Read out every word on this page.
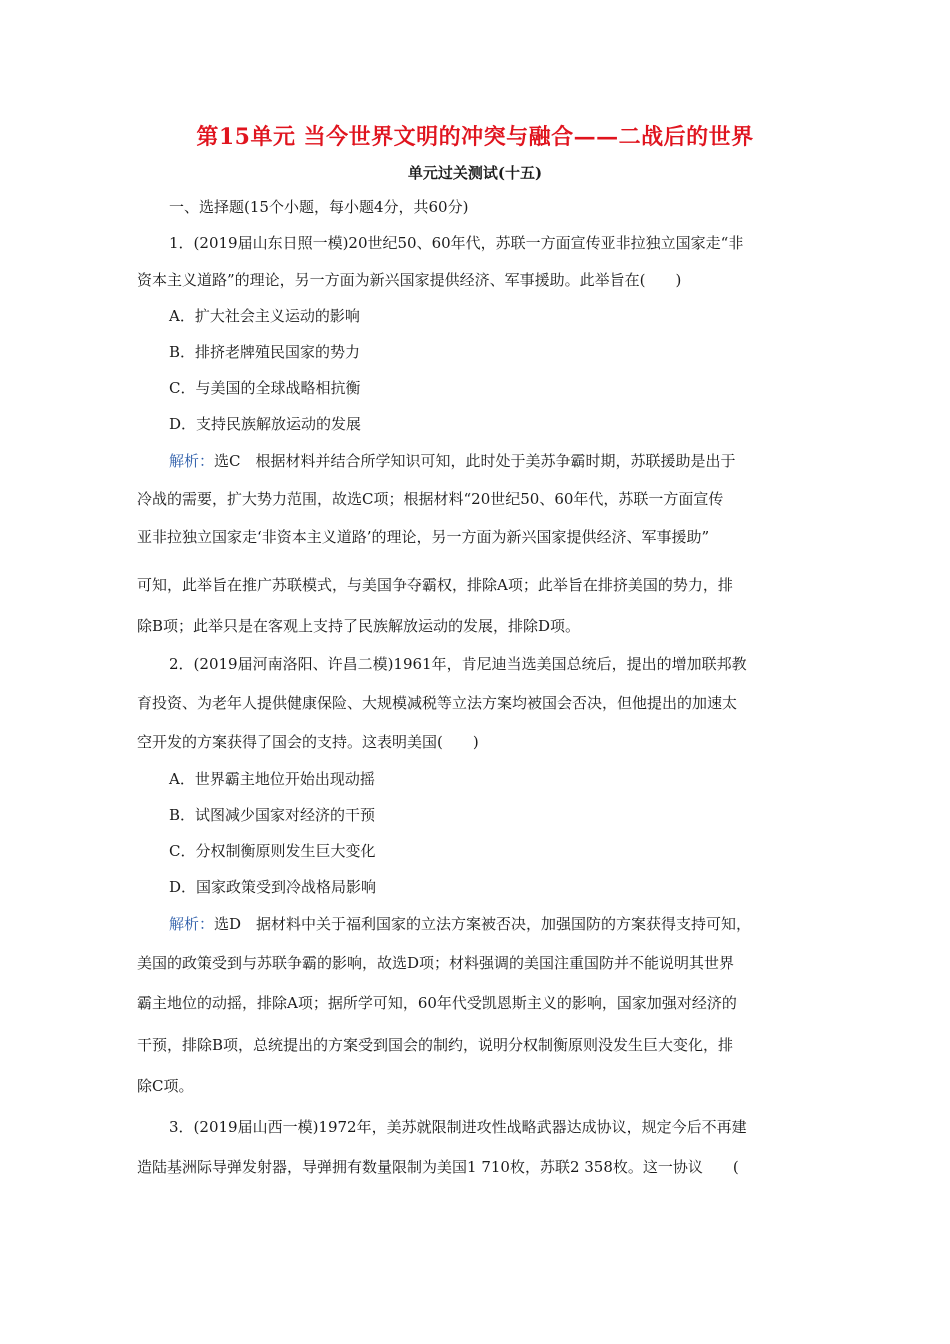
第15单元 当今世界文明的冲突与融合——二战后的世界
单元过关测试(十五)
一、选择题(15个小题，每小题4分，共60分)
1．(2019届山东日照一模)20世纪50、60年代，苏联一方面宣传亚非拉独立国家走“非
资本主义道路”的理论，另一方面为新兴国家提供经济、军事援助。此举旨在(　　)
A．扩大社会主义运动的影响
B．排挤老牌殖民国家的势力
C．与美国的全球战略相抗衡
D．支持民族解放运动的发展
解析：选C　根据材料并结合所学知识可知，此时处于美苏争霸时期，苏联援助是出于
冷战的需要，扩大势力范围，故选C项；根据材料“20世纪50、60年代，苏联一方面宣传
亚非拉独立国家走‘非资本主义道路’的理论，另一方面为新兴国家提供经济、军事援助”
可知，此举旨在推广苏联模式，与美国争夺霸权，排除A项；此举旨在排挤美国的势力，排
除B项；此举只是在客观上支持了民族解放运动的发展，排除D项。
2．(2019届河南洛阳、许昌二模)1961年，肯尼迪当选美国总统后，提出的增加联邦教
育投资、为老年人提供健康保险、大规模减税等立法方案均被国会否决，但他提出的加速太
空开发的方案获得了国会的支持。这表明美国(　　)
A．世界霸主地位开始出现动摇
B．试图减少国家对经济的干预
C．分权制衡原则发生巨大变化
D．国家政策受到冷战格局影响
解析：选D　据材料中关于福利国家的立法方案被否决，加强国防的方案获得支持可知，
美国的政策受到与苏联争霸的影响，故选D项；材料强调的美国注重国防并不能说明其世界
霸主地位的动摇，排除A项；据所学可知，60年代受凯恩斯主义的影响，国家加强对经济的
干预，排除B项，总统提出的方案受到国会的制约，说明分权制衡原则没发生巨大变化，排
除C项。
3．(2019届山西一模)1972年，美苏就限制进攻性战略武器达成协议，规定今后不再建
造陆基洲际导弹发射器，导弹拥有数量限制为美国1 710枚，苏联2 358枚。这一协议　　(
